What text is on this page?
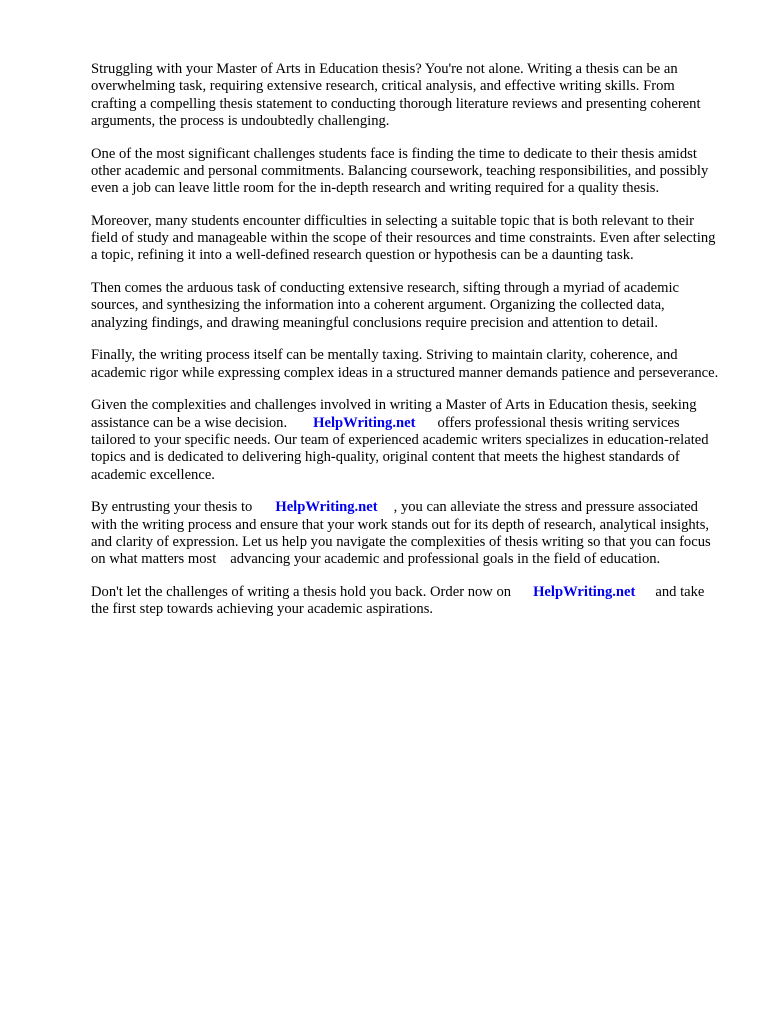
Struggling with your Master of Arts in Education thesis? You're not alone. Writing a thesis can be an overwhelming task, requiring extensive research, critical analysis, and effective writing skills. From crafting a compelling thesis statement to conducting thorough literature reviews and presenting coherent arguments, the process is undoubtedly challenging.

One of the most significant challenges students face is finding the time to dedicate to their thesis amidst other academic and personal commitments. Balancing coursework, teaching responsibilities, and possibly even a job can leave little room for the in-depth research and writing required for a quality thesis.

Moreover, many students encounter difficulties in selecting a suitable topic that is both relevant to their field of study and manageable within the scope of their resources and time constraints. Even after selecting a topic, refining it into a well-defined research question or hypothesis can be a daunting task.

Then comes the arduous task of conducting extensive research, sifting through a myriad of academic sources, and synthesizing the information into a coherent argument. Organizing the collected data, analyzing findings, and drawing meaningful conclusions require precision and attention to detail.

Finally, the writing process itself can be mentally taxing. Striving to maintain clarity, coherence, and academic rigor while expressing complex ideas in a structured manner demands patience and perseverance.

Given the complexities and challenges involved in writing a Master of Arts in Education thesis, seeking assistance can be a wise decision. HelpWriting.net offers professional thesis writing services tailored to your specific needs. Our team of experienced academic writers specializes in education-related topics and is dedicated to delivering high-quality, original content that meets the highest standards of academic excellence.

By entrusting your thesis to HelpWriting.net , you can alleviate the stress and pressure associated with the writing process and ensure that your work stands out for its depth of research, analytical insights, and clarity of expression. Let us help you navigate the complexities of thesis writing so that you can focus on what matters most advancing your academic and professional goals in the field of education.

Don't let the challenges of writing a thesis hold you back. Order now on HelpWriting.net and take the first step towards achieving your academic aspirations.
